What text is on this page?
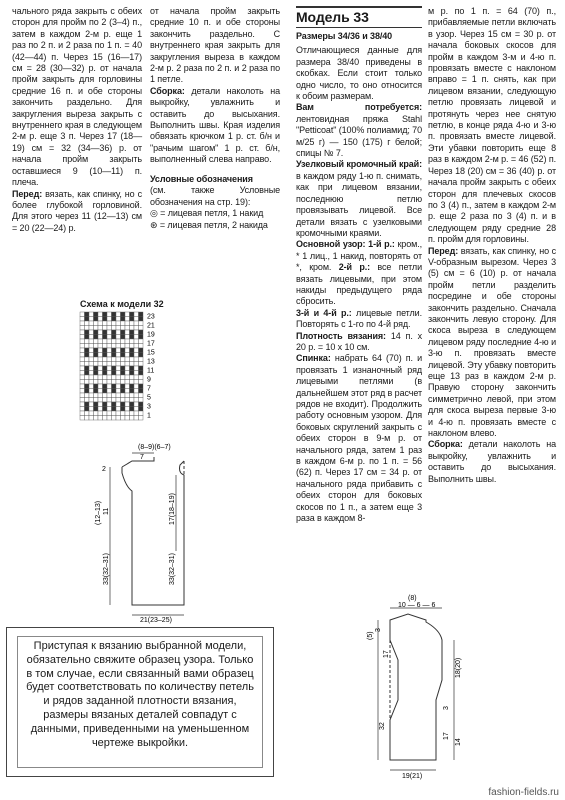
чального ряда закрыть с обеих сторон для пройм по 2 (3–4) п., затем в каждом 2-м р. еще 1 раз по 2 п. и 2 раза по 1 п. = 40 (42—44) п. Через 15 (16—17) см = 28 (30—32) р. от начала пройм закрыть для горловины средние 16 п. и обе стороны закончить раздельно. Для закругления выреза закрыть с внутреннего края в следующем 2-м р. еще 3 п. Через 17 (18—19) см = 32 (34—36) р. от начала пройм закрыть оставшиеся 9 (10—11) п. плеча.

Перед: вязать, как спинку, но с более глубокой горловиной. Для этого через 11 (12—13) см = 20 (22—24) р.

от начала пройм закрыть средние 10 п. и обе стороны закончить раздельно. С внутреннего края закрыть для закругления выреза в каждом 2-м р. 2 раза по 2 п. и 2 раза по 1 петле.

Сборка: детали наколоть на выкройку, увлажнить и оставить до высыхания. Выполнить швы. Края изделия обвязать крючком 1 р. ст. б/н и "рачьим шагом" 1 р. ст. б/н, выполненный слева направо.

Условные обозначения

(см. также Условные обозначения на стр. 19):

◎ = лицевая петля, 1 накид

⊛ = лицевая петля, 2 накида

Модель 33
Размеры 34/36 и 38/40

Отличающиеся данные для размера 38/40 приведены в скобках. Если стоит только одно число, то оно относится к обоим размерам.

Вам потребуется: лентовидная пряжа Stahl "Petticoat" (100% полиамид; 70 м/25 г) — 150 (175) г белой; спицы № 7.

Узелковый кромочный край: в каждом ряду 1-ю п. снимать, как при лицевом вязании, последнюю петлю провязывать лицевой. Все детали вязать с узелковыми кромочными краями.

Основной узор: 1-й р.: кром., * 1 лиц., 1 накид, повторять от *, кром. 2-й р.: все петли вязать лицевыми, при этом накиды предыдущего ряда сбросить.

3-й и 4-й р.: лицевые петли. Повторять с 1-го по 4-й ряд.

Плотность вязания: 14 п. х 20 р. = 10 х 10 см.

Спинка: набрать 64 (70) п. и провязать 1 изнаночный ряд лицевыми петлями (в дальнейшем этот ряд в расчет рядов не входит). Продолжить работу основным узором. Для боковых скруглений закрыть с обеих сторон в 9-м р. от начального ряда, затем 1 раз в каждом 6-м р. по 1 п. = 56 (62) п. Через 17 см = 34 р. от начального ряда прибавить с обеих сторон для боковых скосов по 1 п., а затем еще 3 раза в каждом 8-

м р. по 1 п. = 64 (70) п., прибавляемые петли включать в узор. Через 15 см = 30 р. от начала боковых скосов для пройм в каждом 3-м и 4-ю п. провязать вместе с наклоном вправо = 1 п. снять, как при лицевом вязании, следующую петлю провязать лицевой и протянуть через нее снятую петлю, в конце ряда 4-ю и 3-ю п. провязать вместе лицевой. Эти убавки повторить еще 8 раз в каждом 2-м р. = 46 (52) п. Через 18 (20) см = 36 (40) р. от начала пройм закрыть с обеих сторон для плечевых скосов по 3 (4) п., затем в каждом 2-м р. еще 2 раза по 3 (4) п. и в следующем ряду средние 28 п. пройм для горловины.

Перед: вязать, как спинку, но с V-образным вырезом. Через 3 (5) см = 6 (10) р. от начала пройм петли разделить посредине и обе стороны закончить раздельно. Сначала закончить левую сторону. Для скоса выреза в следующем лицевом ряду последние 4-ю и 3-ю п. провязать вместе лицевой. Эту убавку повторить еще 13 раз в каждом 2-м р. Правую сторону закончить симметрично левой, при этом для скоса выреза первые 3-ю и 4-ю п. провязать вместе с наклоном влево.

Сборка: детали наколоть на выкройку, увлажнить и оставить до высыхания. Выполнить швы.

Схема к модели 32
23
21
19
17
15
13
11
9
7
5
3
1
(8–9)(6–7)
7
2
17(18–19)
33(32–31)
(12–13) 11
33(32–31)
21(23–25)
(8)
10 — 6 — 6
(5)
3
17
18(20)
14
32
3
17
19(21)
Приступая к вязанию выбранной модели, обязательно свяжите образец узора. Только в том случае, если связанный вами образец будет соответствовать по количеству петель и рядов заданной плотности вязания, размеры вязаных деталей совпадут с данными, приведенными на уменьшенном чертеже выкройки.
fashion-fields.ru
